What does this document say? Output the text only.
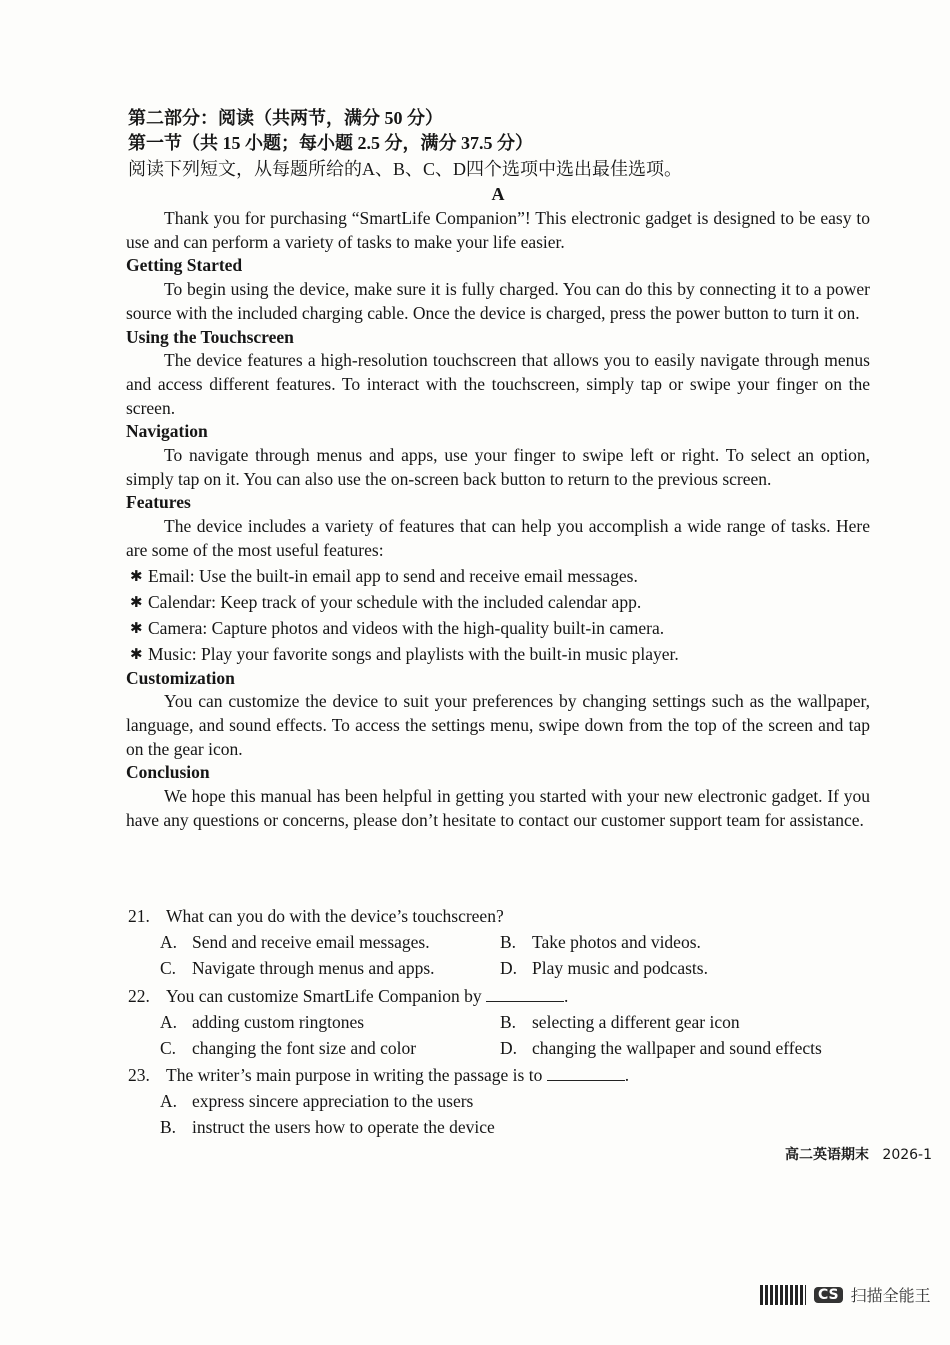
第二部分：阅读（共两节，满分 50 分）
第一节（共 15 小题；每小题 2.5 分，满分 37.5 分）
阅读下列短文，从每题所给的A、B、C、D四个选项中选出最佳选项。
A

Thank you for purchasing “SmartLife Companion”! This electronic gadget is designed to be easy to use and can perform a variety of tasks to make your life easier.

Getting Started

To begin using the device, make sure it is fully charged. You can do this by connecting it to a power source with the included charging cable. Once the device is charged, press the power button to turn it on.

Using the Touchscreen

The device features a high-resolution touchscreen that allows you to easily navigate through menus and access different features. To interact with the touchscreen, simply tap or swipe your finger on the screen.

Navigation

To navigate through menus and apps, use your finger to swipe left or right. To select an option, simply tap on it. You can also use the on-screen back button to return to the previous screen.

Features

The device includes a variety of features that can help you accomplish a wide range of tasks. Here are some of the most useful features:

✱ Email: Use the built-in email app to send and receive email messages.
✱ Calendar: Keep track of your schedule with the included calendar app.
✱ Camera: Capture photos and videos with the high-quality built-in camera.
✱ Music: Play your favorite songs and playlists with the built-in music player.

Customization

You can customize the device to suit your preferences by changing settings such as the wallpaper, language, and sound effects. To access the settings menu, swipe down from the top of the screen and tap on the gear icon.

Conclusion

We hope this manual has been helpful in getting you started with your new electronic gadget. If you have any questions or concerns, please don’t hesitate to contact our customer support team for assistance.

21. What can you do with the device’s touchscreen?

A. Send and receive email messages.	B. Take photos and videos.
C. Navigate through menus and apps.	D. Play music and podcasts.

22. You can customize SmartLife Companion by	.

A. adding custom ringtones	B. selecting a different gear icon
C. changing the font size and color	D. changing the wallpaper and sound effects

23. The writer’s main purpose in writing the passage is to	.

A. express sincere appreciation to the users
B. instruct the users how to operate the device
高二英语期末 2026-1
CS 扫描全能王
